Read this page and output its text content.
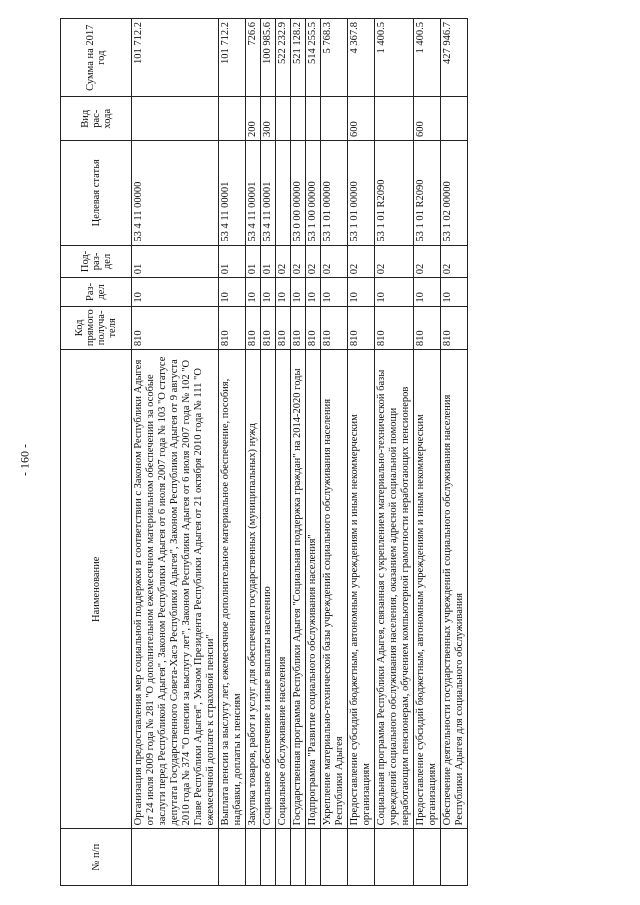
- 160 -
№ п/п	Наименование	Код прямого получа-теля	Раз-дел	Под-раз-дел	Целевая статья	Вид рас-хода	Сумма на 2017 год
	Организация предоставления мер социальной поддержки в соответствии с Законом Республики Адыгея от 24 июля 2009 года № 281 "О дополнительном ежемесячном материальном обеспечении за особые заслуги перед Республикой Адыгея", Законом Республики Адыгея от 6 июля 2007 года № 103 "О статусе депутата Государственного Совета-Хасэ Республики Адыгея", Законом Республики Адыгея от 9 августа 2010 года № 374 "О пенсии за выслугу лет", Законом Республики Адыгея от 6 июля 2007 года № 102 "О Главе Республики Адыгея", Указом Президента Республики Адыгея от 21 октября 2010 года № 111 "О ежемесячной доплате к страховой пенсии"	810	10	01	53 4 11 00000		101 712.2
	Выплата пенсии за выслугу лет, ежемесячное дополнительное материальное обеспечение, пособия, надбавки, доплаты к пенсиям	810	10	01	53 4 11 00001		101 712.2
	Закупка товаров, работ и услуг для обеспечения государственных (муниципальных) нужд	810	10	01	53 4 11 00001	200	726.6
	Социальное обеспечение и иные выплаты населению	810	10	01	53 4 11 00001	300	100 985.6
	Социальное обслуживание населения	810	10	02			522 232.9
	Государственная программа Республики Адыгея "Социальная поддержка граждан" на 2014-2020 годы	810	10	02	53 0 00 00000		521 128.2
	Подпрограмма "Развитие социального обслуживания населения"	810	10	02	53 1 00 00000		514 255.5
	Укрепление материально-технической базы учреждений социального обслуживания населения Республики Адыгея	810	10	02	53 1 01 00000		5 768.3
	Предоставление субсидий бюджетным, автономным учреждениям и иным некоммерческим организациям	810	10	02	53 1 01 00000	600	4 367.8
	Социальная программа Республики Адыгея, связанная с укреплением материально-технической базы учреждений социального обслуживания населения, оказанием адресной социальной помощи неработающим пенсионерам, обучением компьютерной грамотности неработающих пенсионеров	810	10	02	53 1 01 R2090		1 400.5
	Предоставление субсидий бюджетным, автономным учреждениям и иным некоммерческим организациям	810	10	02	53 1 01 R2090	600	1 400.5
	Обеспечение деятельности государственных учреждений социального обслуживания населения Республики Адыгея для социального обслуживания	810	10	02	53 1 02 00000		427 946.7
